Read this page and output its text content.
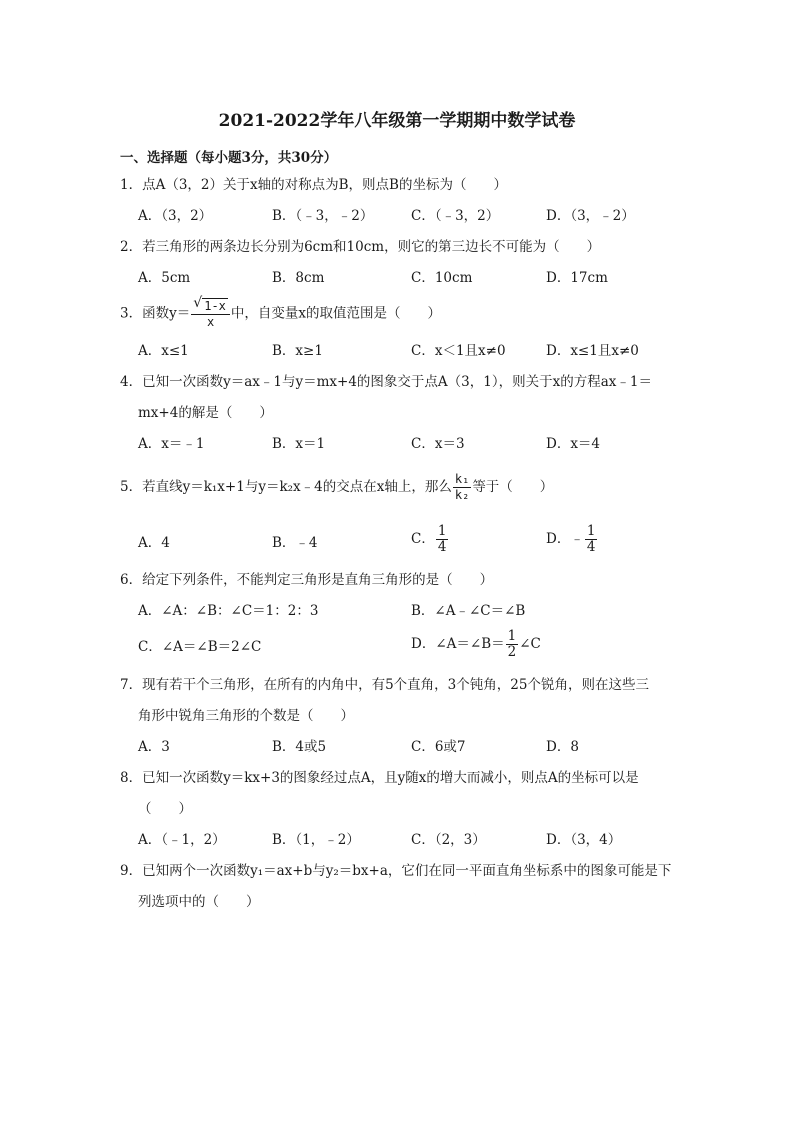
2021-2022学年八年级第一学期期中数学试卷
一、选择题（每小题3分，共30分）
1．点A（3，2）关于x轴的对称点为B，则点B的坐标为（　　）
A．（3，2）	B．（﹣3，﹣2）	C．（﹣3，2）	D．（3，﹣2）
2．若三角形的两条边长分别为6cm和10cm，则它的第三边长不可能为（　　）
A．5cm	B．8cm	C．10cm	D．17cm
3．函数$y= \frac{√ 1-x}{x}$ 中，自变量x的取值范围是（　　）
A．x≤1	B．x≥1	C．x＜1且x≠0	D．x≤1且x≠0
4．已知一次函数y＝ax﹣1与y＝mx+4的图象交于点A（3，1），则关于x的方程ax﹣1＝
mx+4的解是（　　）
A．x＝﹣1	B．x＝1	C．x＝3	D．x＝4
5．若直线y＝k₁x+1与y＝k₂x﹣4的交点在x轴上，那么 $\frac{\text{k₁}}{\text{k₂}}$ 等于（　　）
A．4	B．﹣4	C． $\frac{1}{4}$	D．﹣ $\frac{1}{4}$
6．给定下列条件，不能判定三角形是直角三角形的是（　　）
A．∠A：∠B：∠C＝1：2：3	B．∠A﹣∠C＝∠B
C．∠A＝∠B＝2∠C	D．∠A＝∠B＝ $\frac{1}{2}$ ∠C
7．现有若干个三角形，在所有的内角中，有5个直角，3个钝角，25个锐角，则在这些三
角形中锐角三角形的个数是（　　）
A．3	B．4或5	C．6或7	D．8
8．已知一次函数y＝kx+3的图象经过点A，且y随x的增大而减小，则点A的坐标可以是
（　　）
A．（﹣1，2）	B．（1，﹣2）	C．（2，3）	D．（3，4）
9．已知两个一次函数y₁＝ax+b与y₂＝bx+a，它们在同一平面直角坐标系中的图象可能是下
列选项中的（　　）
